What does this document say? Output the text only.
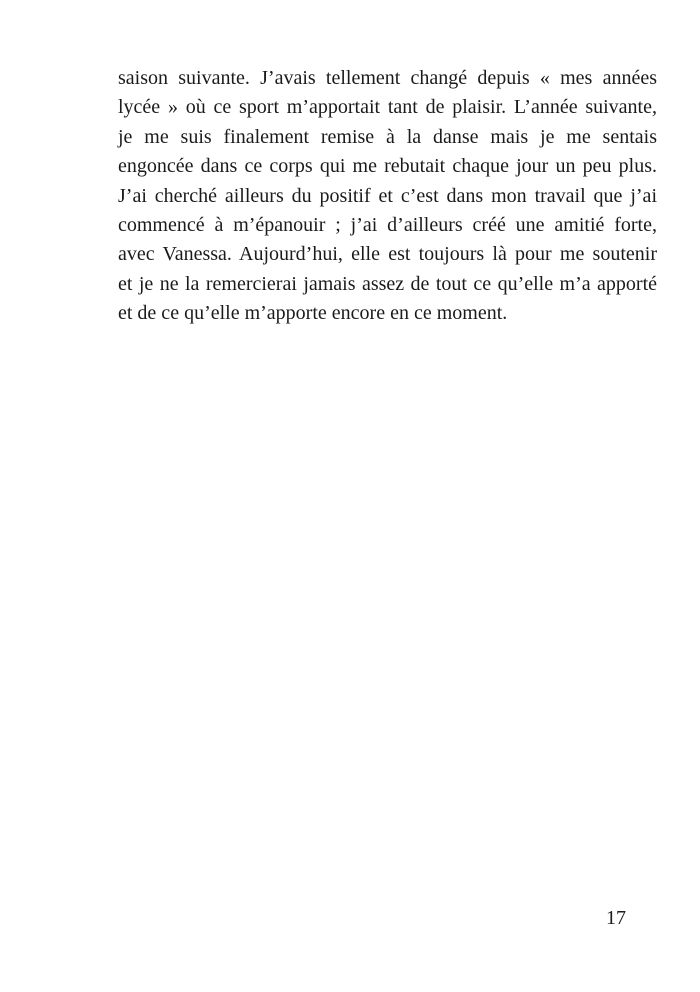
saison suivante. J’avais tellement changé depuis « mes années
lycée » où ce sport m’apportait tant de plaisir. L’année suivante,
je me suis finalement remise à la danse mais je me sentais
engoncée dans ce corps qui me rebutait chaque jour un peu plus.
J’ai cherché ailleurs du positif et c’est dans mon travail que j’ai
commencé à m’épanouir ; j’ai d’ailleurs créé une amitié forte,
avec Vanessa. Aujourd’hui, elle est toujours là pour me soutenir
et je ne la remercierai jamais assez de tout ce qu’elle m’a apporté
et de ce qu’elle m’apporte encore en ce moment.
17
